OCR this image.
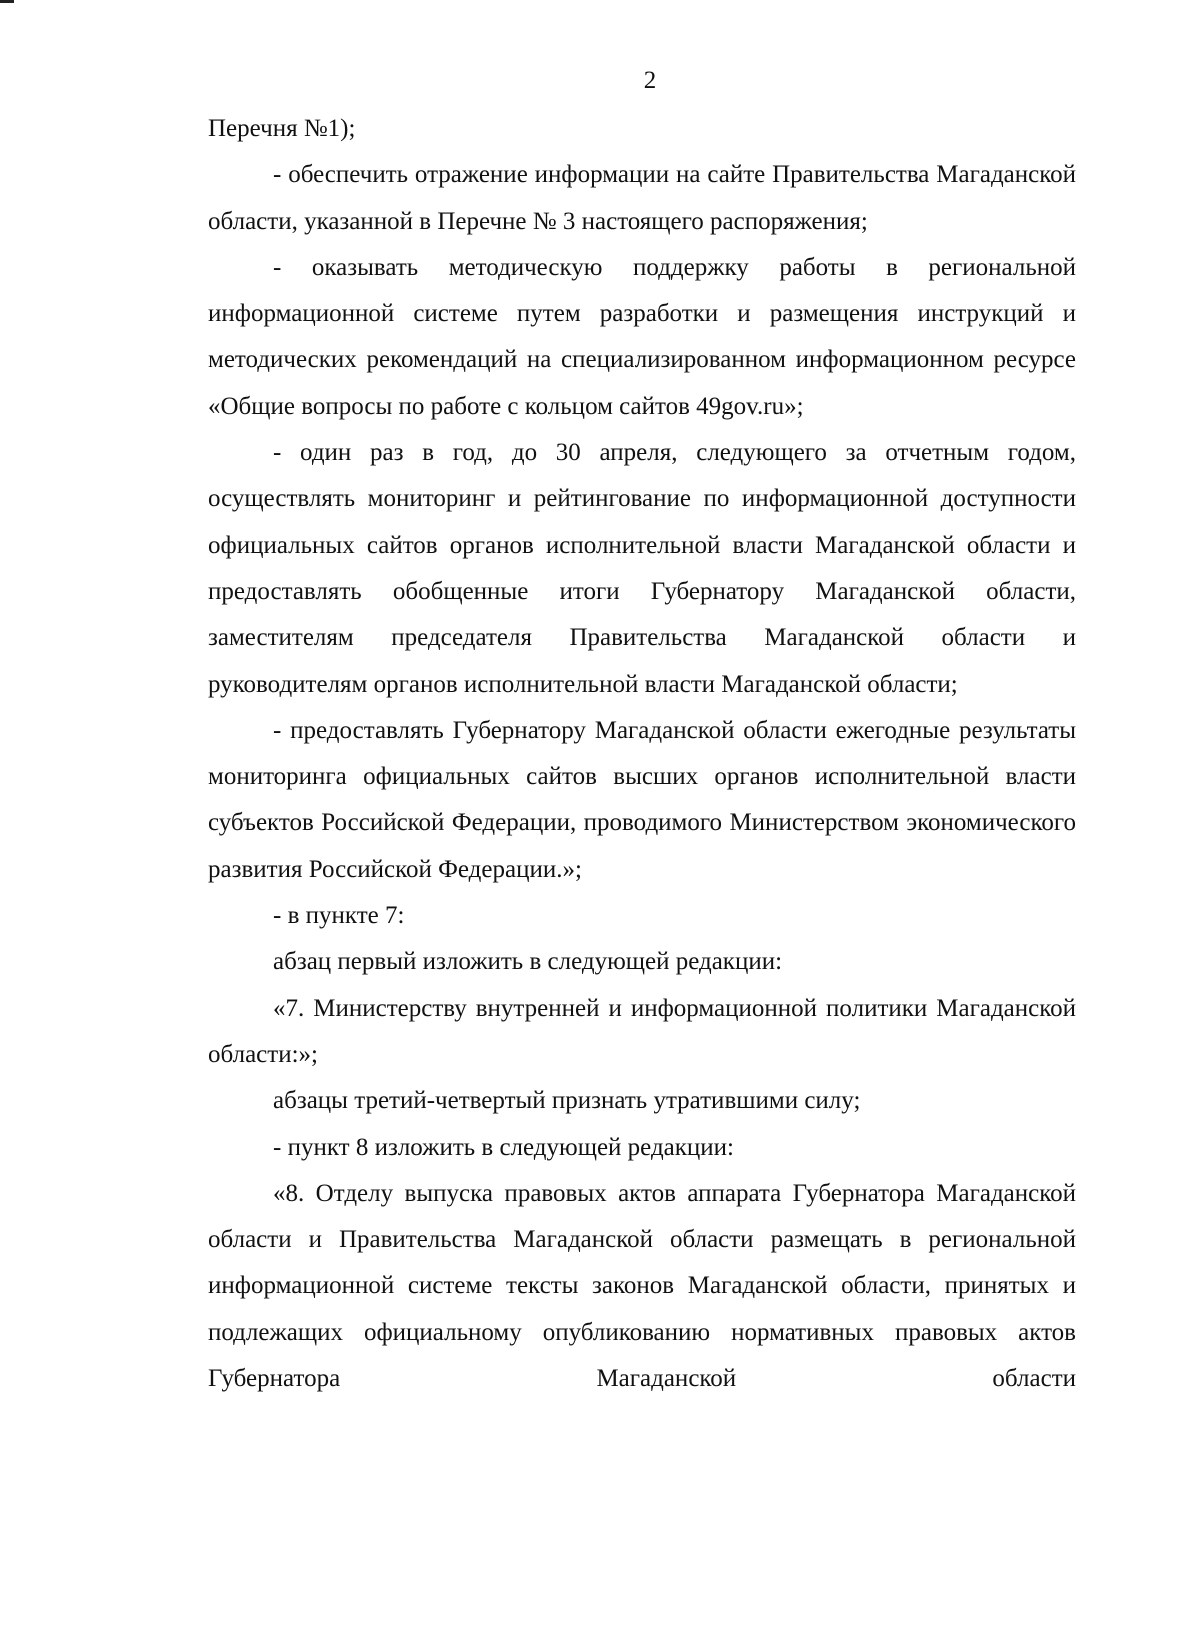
2

Перечня №1);

- обеспечить отражение информации на сайте Правительства Магаданской области, указанной в Перечне № 3 настоящего распоряжения;

- оказывать методическую поддержку работы в региональной информационной системе путем разработки и размещения инструкций и методических рекомендаций на специализированном информационном ресурсе «Общие вопросы по работе с кольцом сайтов 49gov.ru»;

- один раз в год, до 30 апреля, следующего за отчетным годом, осуществлять мониторинг и рейтингование по информационной доступности официальных сайтов органов исполнительной власти Магаданской области и предоставлять обобщенные итоги Губернатору Магаданской области, заместителям председателя Правительства Магаданской области и руководителям органов исполнительной власти Магаданской области;

- предоставлять Губернатору Магаданской области ежегодные результаты мониторинга официальных сайтов высших органов исполнительной власти субъектов Российской Федерации, проводимого Министерством экономического развития Российской Федерации.»;

- в пункте 7:

абзац первый изложить в следующей редакции:

«7. Министерству внутренней и информационной политики Магаданской области:»;

абзацы третий-четвертый признать утратившими силу;

- пункт 8 изложить в следующей редакции:

«8. Отделу выпуска правовых актов аппарата Губернатора Магаданской области и Правительства Магаданской области размещать в региональной информационной системе тексты законов Магаданской области, принятых и подлежащих официальному опубликованию нормативных правовых актов Губернатора Магаданской области
